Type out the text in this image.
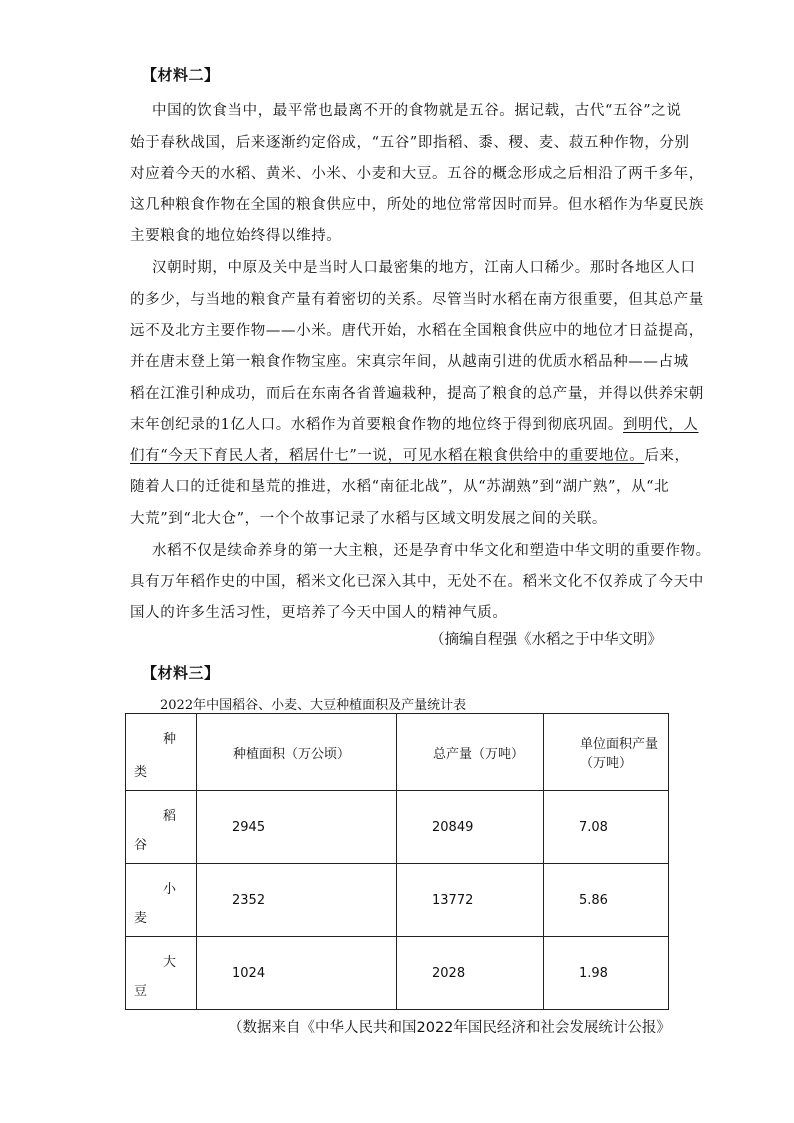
【材料二】
中国的饮食当中，最平常也最离不开的食物就是五谷。据记载，古代“五谷”之说
始于春秋战国，后来逐渐约定俗成，“五谷”即指稻、黍、稷、麦、菽五种作物，分别
对应着今天的水稻、黄米、小米、小麦和大豆。五谷的概念形成之后相沿了两千多年，
这几种粮食作物在全国的粮食供应中，所处的地位常常因时而异。但水稻作为华夏民族
主要粮食的地位始终得以维持。
汉朝时期，中原及关中是当时人口最密集的地方，江南人口稀少。那时各地区人口
的多少，与当地的粮食产量有着密切的关系。尽管当时水稻在南方很重要，但其总产量
远不及北方主要作物——小米。唐代开始，水稻在全国粮食供应中的地位才日益提高，
并在唐末登上第一粮食作物宝座。宋真宗年间，从越南引进的优质水稻品种——占城
稻在江淮引种成功，而后在东南各省普遍栽种，提高了粮食的总产量，并得以供养宋朝
末年创纪录的1亿人口。水稻作为首要粮食作物的地位终于得到彻底巩固。到明代，人
们有“今天下育民人者，稻居什七”一说，可见水稻在粮食供给中的重要地位。后来，
随着人口的迁徙和垦荒的推进，水稻“南征北战”，从“苏湖熟”到“湖广熟”，从“北
大荒”到“北大仓”，一个个故事记录了水稻与区域文明发展之间的关联。
水稻不仅是续命养身的第一大主粮，还是孕育中华文化和塑造中华文明的重要作物。
具有万年稻作史的中国，稻米文化已深入其中，无处不在。稻米文化不仅养成了今天中
国人的许多生活习性，更培养了今天中国人的精神气质。
（摘编自程强《水稻之于中华文明》
【材料三】
2022年中国稻谷、小麦、大豆种植面积及产量统计表
种
类	种植面积（万公顷）	总产量（万吨）	单位面积产量（万吨）

稻
谷	2945	20849	7.08

小
麦	2352	13772	5.86

大
豆	1024	2028	1.98
（数据来自《中华人民共和国2022年国民经济和社会发展统计公报》
